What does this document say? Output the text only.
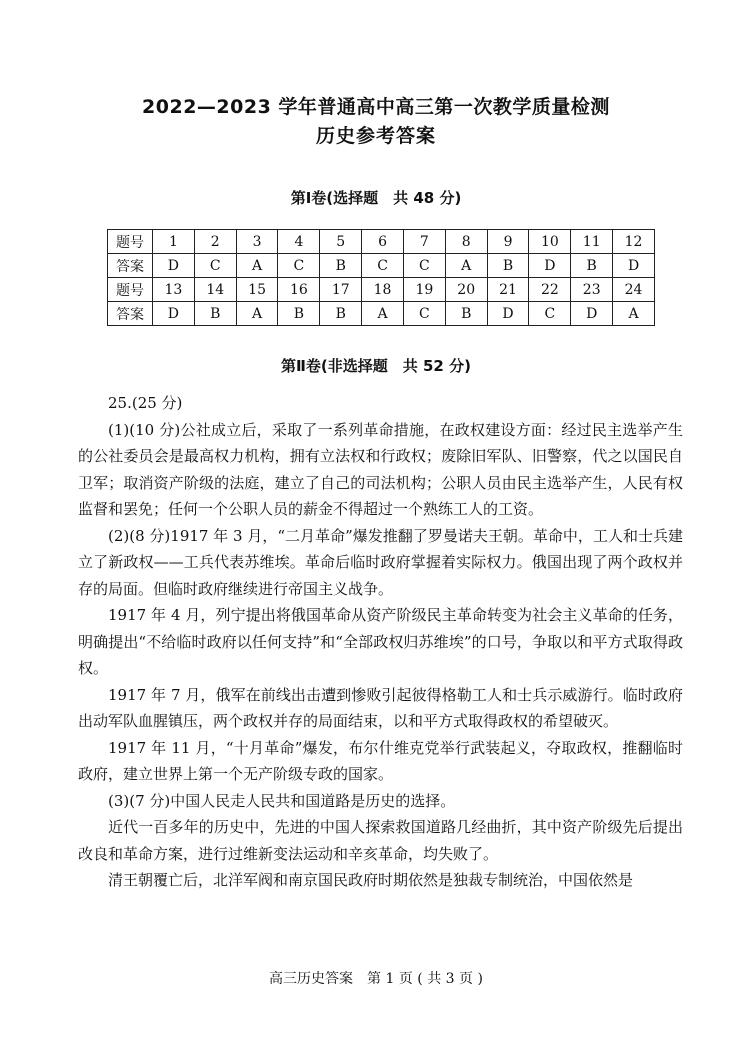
2022—2023 学年普通高中高三第一次教学质量检测
历史参考答案
第Ⅰ卷(选择题　共 48 分)
题号	1	2	3	4	5	6	7	8	9	10	11	12
答案	D	C	A	C	B	C	C	A	B	D	B	D
题号	13	14	15	16	17	18	19	20	21	22	23	24
答案	D	B	A	B	B	A	C	B	D	C	D	A
第Ⅱ卷(非选择题　共 52 分)

25.(25 分)

(1)(10 分)公社成立后，采取了一系列革命措施，在政权建设方面：经过民主选举产生的公社委员会是最高权力机构，拥有立法权和行政权；废除旧军队、旧警察，代之以国民自卫军；取消资产阶级的法庭，建立了自己的司法机构；公职人员由民主选举产生，人民有权监督和罢免；任何一个公职人员的薪金不得超过一个熟练工人的工资。

(2)(8 分)1917 年 3 月，“二月革命”爆发推翻了罗曼诺夫王朝。革命中，工人和士兵建立了新政权——工兵代表苏维埃。革命后临时政府掌握着实际权力。俄国出现了两个政权并存的局面。但临时政府继续进行帝国主义战争。

1917 年 4 月，列宁提出将俄国革命从资产阶级民主革命转变为社会主义革命的任务，明确提出“不给临时政府以任何支持”和“全部政权归苏维埃”的口号，争取以和平方式取得政权。

1917 年 7 月，俄军在前线出击遭到惨败引起彼得格勒工人和士兵示威游行。临时政府出动军队血腥镇压，两个政权并存的局面结束，以和平方式取得政权的希望破灭。

1917 年 11 月，“十月革命”爆发，布尔什维克党举行武装起义，夺取政权，推翻临时政府，建立世界上第一个无产阶级专政的国家。

(3)(7 分)中国人民走人民共和国道路是历史的选择。

近代一百多年的历史中，先进的中国人探索救国道路几经曲折，其中资产阶级先后提出改良和革命方案，进行过维新变法运动和辛亥革命，均失败了。

清王朝覆亡后，北洋军阀和南京国民政府时期依然是独裁专制统治，中国依然是

高三历史答案　第 1 页 ( 共 3 页 )
